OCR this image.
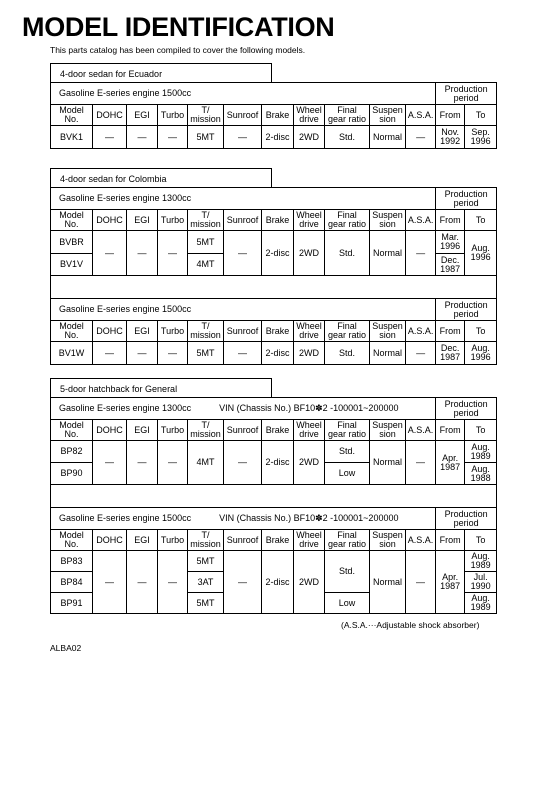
MODEL IDENTIFICATION
This parts catalog has been compiled to cover the following models.
4-door sedan for Ecuador
Gasoline E-series engine 1500cc											Production
period	

Model
No.	DOHC	EGI	Turbo	T/
mission	Sunroof	Brake	Wheel
drive	Final
gear ratio	Suspen
sion	A.S.A.	From	To
BVK1	—	—	—	5MT	—	2-disc	2WD	Std.	Normal	—	Nov.
1992	Sep.
1996
4-door sedan for Colombia
Gasoline E-series engine 1300cc											Production
period	

Model
No.	DOHC	EGI	Turbo	T/
mission	Sunroof	Brake	Wheel
drive	Final
gear ratio	Suspen
sion	A.S.A.	From	To
BVBR	—	—	—	5MT	—	2-disc	2WD	Std.	Normal	—	Mar.
1996	Aug.
1996

BV1V				4MT							Dec.
1987	

Gasoline E-series engine 1500cc											Production
period	

Model
No.	DOHC	EGI	Turbo	T/
mission	Sunroof	Brake	Wheel
drive	Final
gear ratio	Suspen
sion	A.S.A.	From	To
BV1W	—	—	—	5MT	—	2-disc	2WD	Std.	Normal	—	Dec.
1987	Aug.
1996
5-door hatchback for General
Gasoline E-series engine 1300cc VIN (Chassis No.) BF10✽2 -100001~200000											Production
period	

Model
No.	DOHC	EGI	Turbo	T/
mission	Sunroof	Brake	Wheel
drive	Final
gear ratio	Suspen
sion	A.S.A.	From	To
BP82	—	—	—	4MT	—	2-disc	2WD	Std.	Normal	—	Apr.
1987	Aug.
1989

BP90								Low				Aug.
1988

Gasoline E-series engine 1500cc VIN (Chassis No.) BF10✽2 -100001~200000											Production
period	

Model
No.	DOHC	EGI	Turbo	T/
mission	Sunroof	Brake	Wheel
drive	Final
gear ratio	Suspen
sion	A.S.A.	From	To
BP83	—	—	—	5MT	—	2-disc	2WD	Std.	Normal	—	Apr.
1987	Aug.
1989

BP84				3AT								Jul.
1990

BP91				5MT				Low				Aug.
1989
(A.S.A.···Adjustable shock absorber)
ALBA02
